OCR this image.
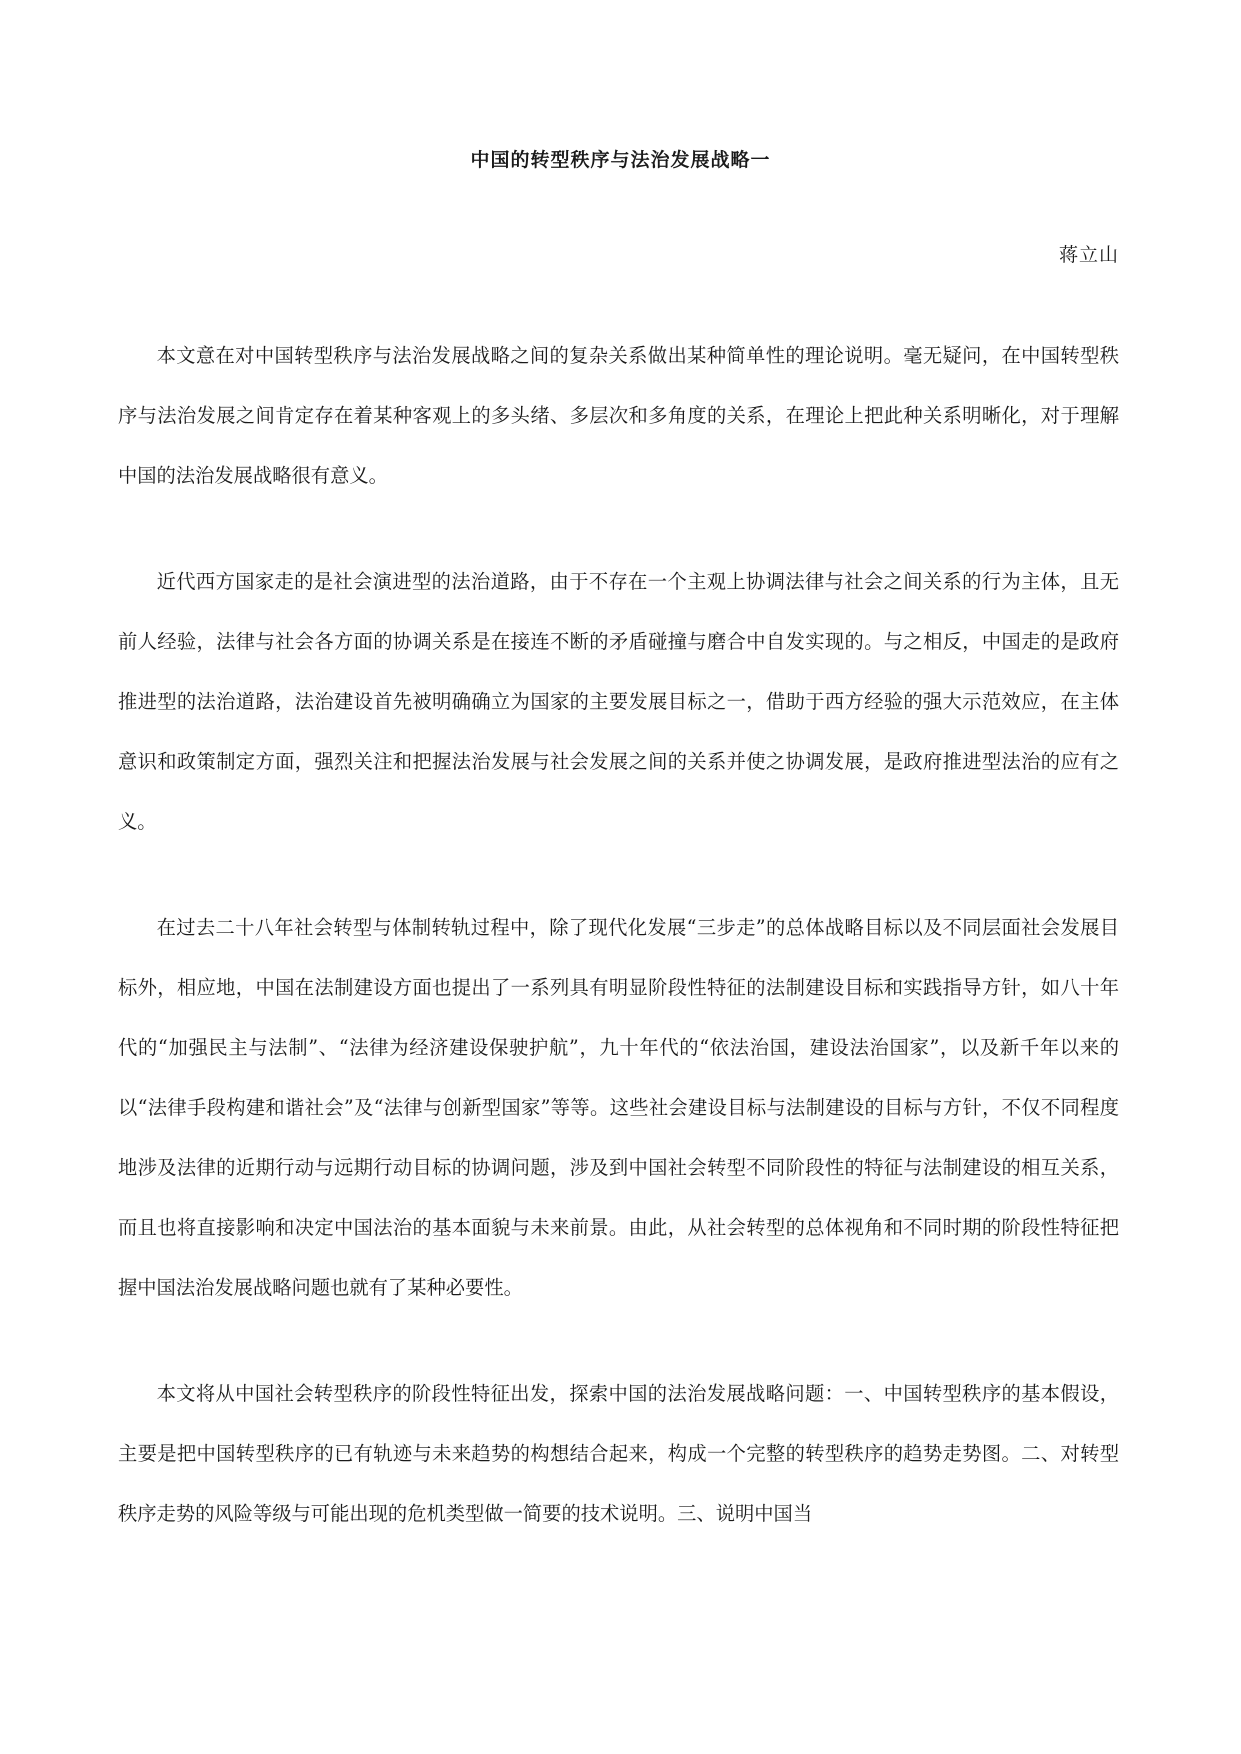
中国的转型秩序与法治发展战略一
蒋立山

本文意在对中国转型秩序与法治发展战略之间的复杂关系做出某种简单性的理论说明。毫无疑问，在中国转型秩序与法治发展之间肯定存在着某种客观上的多头绪、多层次和多角度的关系，在理论上把此种关系明晰化，对于理解中国的法治发展战略很有意义。

近代西方国家走的是社会演进型的法治道路，由于不存在一个主观上协调法律与社会之间关系的行为主体，且无前人经验，法律与社会各方面的协调关系是在接连不断的矛盾碰撞与磨合中自发实现的。与之相反，中国走的是政府推进型的法治道路，法治建设首先被明确确立为国家的主要发展目标之一，借助于西方经验的强大示范效应，在主体意识和政策制定方面，强烈关注和把握法治发展与社会发展之间的关系并使之协调发展，是政府推进型法治的应有之义。

在过去二十八年社会转型与体制转轨过程中，除了现代化发展“三步走”的总体战略目标以及不同层面社会发展目标外，相应地，中国在法制建设方面也提出了一系列具有明显阶段性特征的法制建设目标和实践指导方针，如八十年代的“加强民主与法制”、“法律为经济建设保驶护航”，九十年代的“依法治国，建设法治国家”，以及新千年以来的以“法律手段构建和谐社会”及“法律与创新型国家”等等。这些社会建设目标与法制建设的目标与方针，不仅不同程度地涉及法律的近期行动与远期行动目标的协调问题，涉及到中国社会转型不同阶段性的特征与法制建设的相互关系，而且也将直接影响和决定中国法治的基本面貌与未来前景。由此，从社会转型的总体视角和不同时期的阶段性特征把握中国法治发展战略问题也就有了某种必要性。

本文将从中国社会转型秩序的阶段性特征出发，探索中国的法治发展战略问题：一、中国转型秩序的基本假设，主要是把中国转型秩序的已有轨迹与未来趋势的构想结合起来，构成一个完整的转型秩序的趋势走势图。二、对转型秩序走势的风险等级与可能出现的危机类型做一简要的技术说明。三、说明中国当
